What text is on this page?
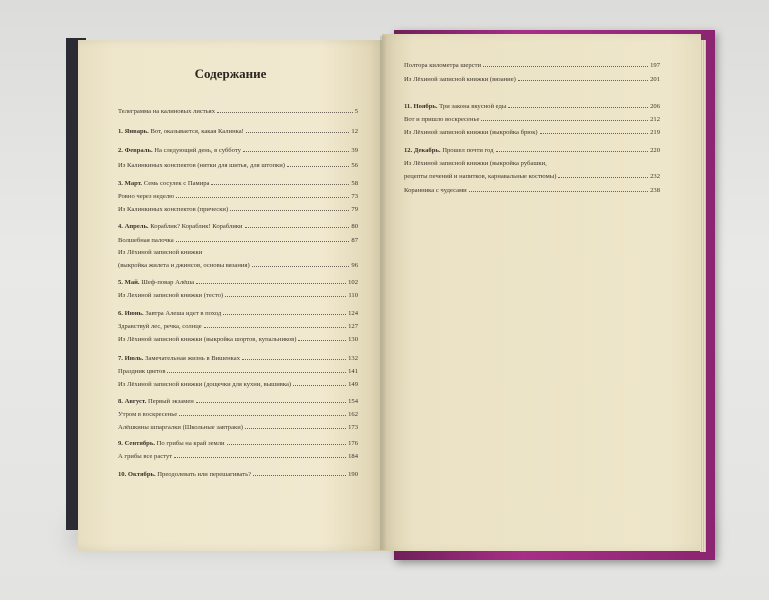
Содержание
Телеграмма на калиновых листьях	5
1. Январь. Вот, оказывается, какая Калинка!	12
2. Февраль. На следующий день, в субботу	39
Из Калинкиных конспектов (нитки для шитья, для штопки)	56
3. Март. Семь сосулек с Памира	58
Ровно через неделю	73
Из Калинкиных конспектов (прически)	79
4. Апрель. Кораблик? Кораблик! Кораблики	80
Волшебная палочка	87
Из Лёхиной записной книжки
(выкройка жилета и джинсов, основы вязания)	96
5. Май. Шеф-повар Алёша	102
Из Лехиной записной книжки (тесто)	110
6. Июнь. Завтра Алеша идет в поход	124
Здравствуй лес, речка, солнце	127
Из Лёхиной записной книжки (выкройка шортов, купальников)	130
7. Июль. Замечательная жизнь в Вишенках	132
Праздник цветов	141
Из Лёхиной записной книжки (дощечки для кухни, вышивка)	149
8. Август. Первый экзамен	154
Утром в воскресенье	162
Алёшкины шпаргалки (Школьные завтраки)	173
9. Сентябрь. По грибы на край земли	176
А грибы все растут	184
10. Октябрь. Преодолевать или перешагивать?	190
Полтора километра шерсти	197
Из Лёхиной записной книжки (вязание)	201
11. Ноябрь. Три закона вкусной еды	206
Вот и пришло воскресенье	212
Из Лёхиной записной книжки (выкройка брюк)	219
12. Декабрь. Прошел почти год	220
Из Лёхиной записной книжки (выкройка рубашки,
рецепты печений и напитков, карнавальные костюмы)	232
Коранника с чудесами	238
